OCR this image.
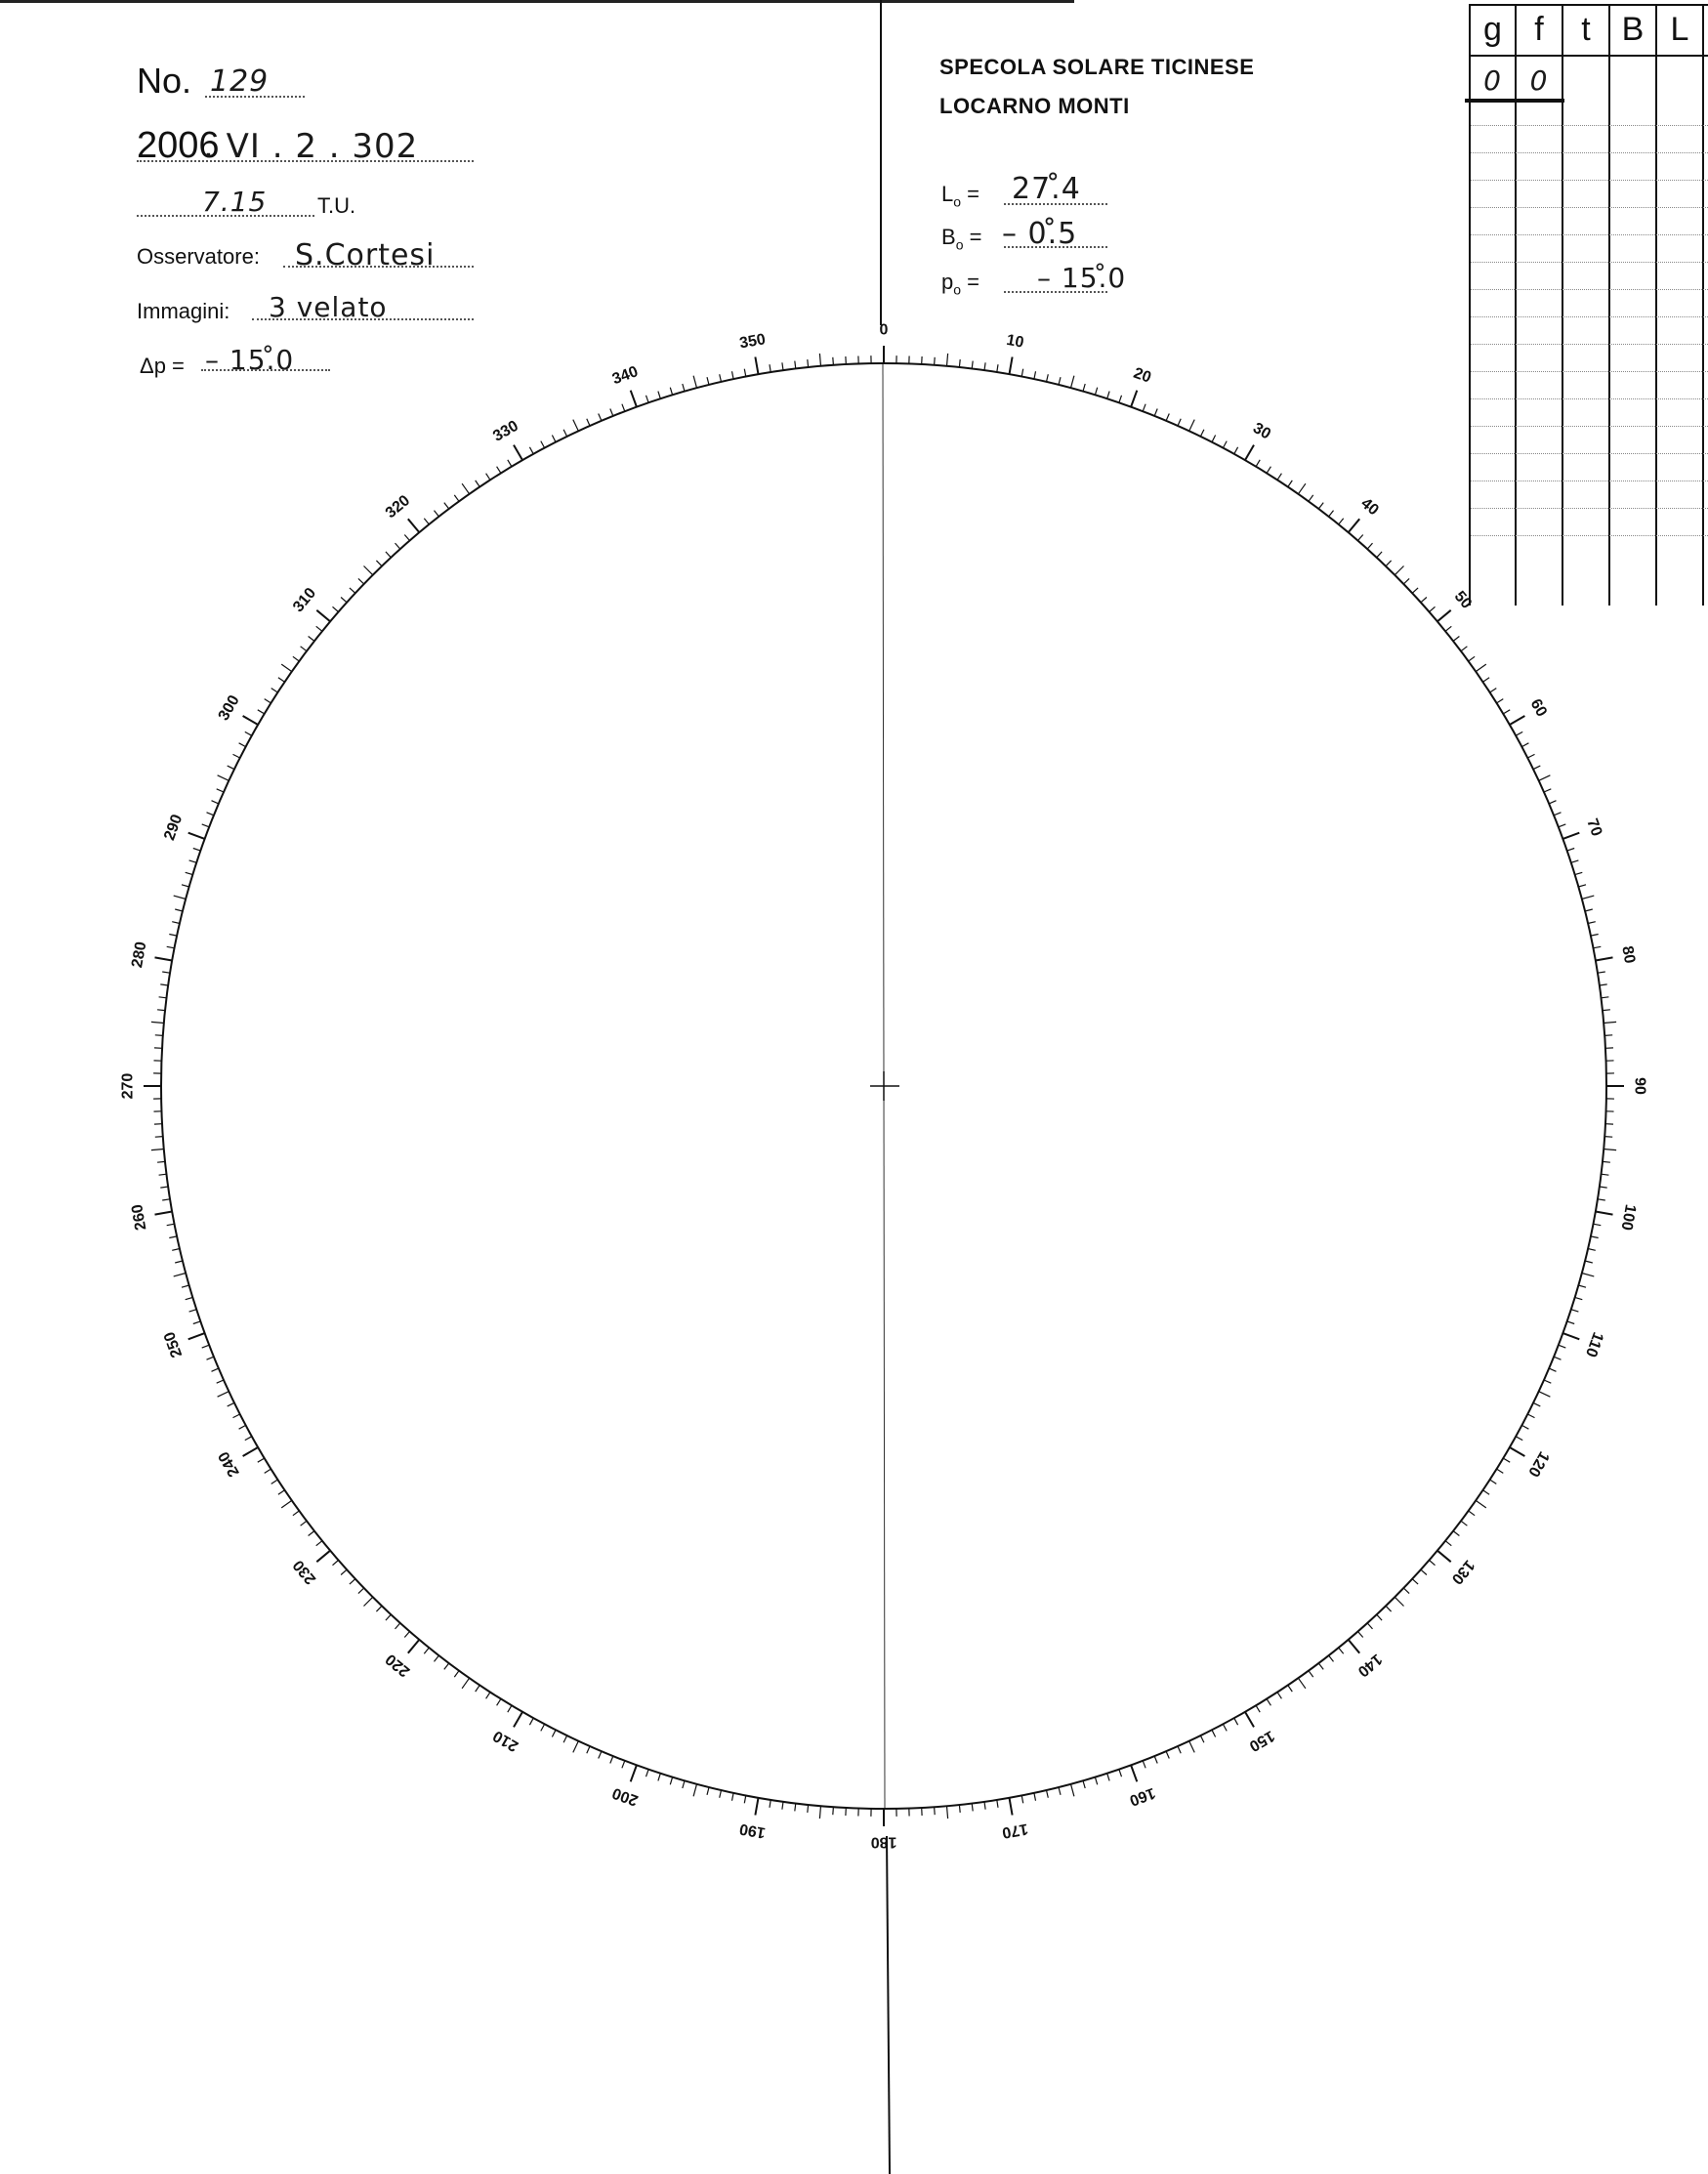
No. 129
2006
. VI . 2 . 302
7.15 T.U.
Osservatore: S.Cortesi
Immagini: 3 velato
Δp = – 15.̊0
SPECOLA SOLARE TICINESE
LOCARNO MONTI
$L_o$ = 27.̊4
$B_o$ = – 0.̊5
$p_o$ = – 15.̊0
g f	t B L
0	0
0
10
20
30
40
50
60
70
80
90
100
110
120
130
140
150
160
170
180
190
200
210
220
230
240
250
260
270
280
290
300
310
320
330
340
350
